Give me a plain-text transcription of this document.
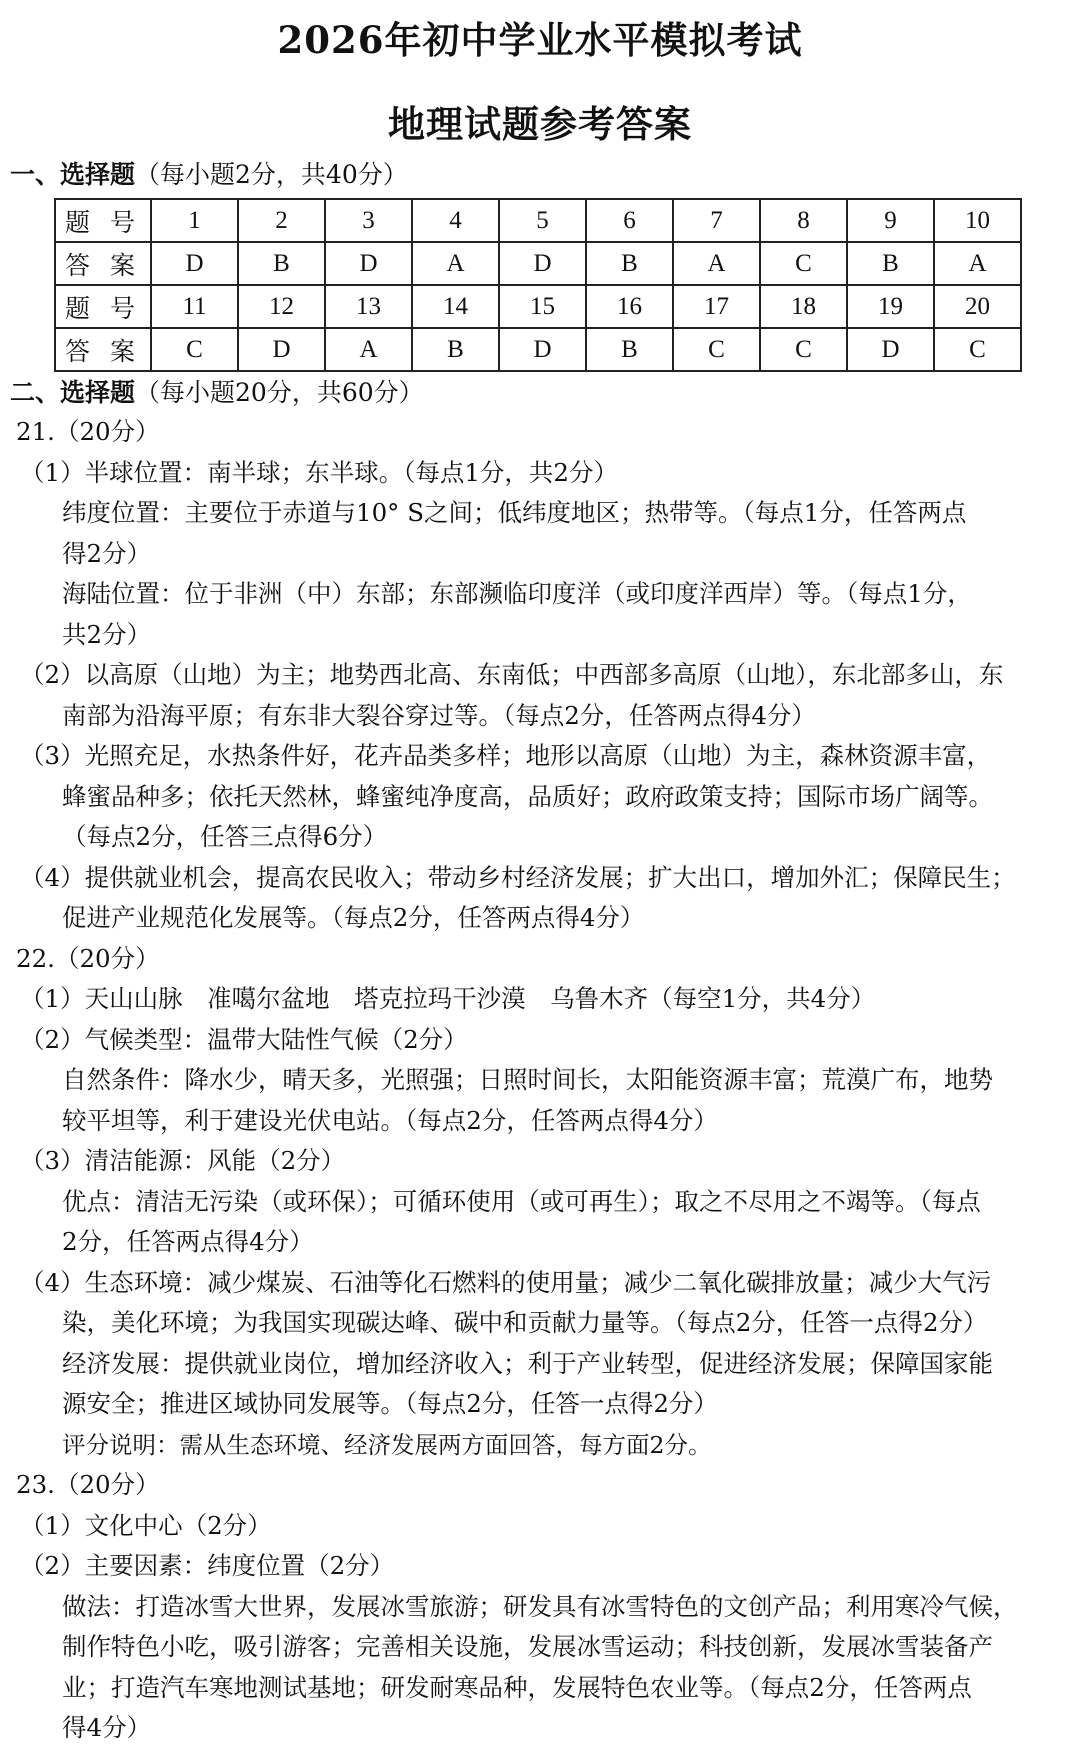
2026年初中学业水平模拟考试
地理试题参考答案
一、选择题（每小题2分，共40分）
题 号	1	2	3	4	5	6	7	8	9	10
答 案	D	B	D	A	D	B	A	C	B	A
题 号	11	12	13	14	15	16	17	18	19	20
答 案	C	D	A	B	D	B	C	C	D	C
二、选择题（每小题20分，共60分）
21.（20分）
（1）半球位置：南半球；东半球。（每点1分，共2分）
纬度位置：主要位于赤道与10° S之间；低纬度地区；热带等。（每点1分，任答两点
得2分）
海陆位置：位于非洲（中）东部；东部濒临印度洋（或印度洋西岸）等。（每点1分，
共2分）
（2）以高原（山地）为主；地势西北高、东南低；中西部多高原（山地），东北部多山，东
南部为沿海平原；有东非大裂谷穿过等。（每点2分，任答两点得4分）
（3）光照充足，水热条件好，花卉品类多样；地形以高原（山地）为主，森林资源丰富，
蜂蜜品种多；依托天然林，蜂蜜纯净度高，品质好；政府政策支持；国际市场广阔等。
（每点2分，任答三点得6分）
（4）提供就业机会，提高农民收入；带动乡村经济发展；扩大出口，增加外汇；保障民生；
促进产业规范化发展等。（每点2分，任答两点得4分）
22.（20分）
（1）天山山脉　准噶尔盆地　塔克拉玛干沙漠　乌鲁木齐（每空1分，共4分）
（2）气候类型：温带大陆性气候（2分）
自然条件：降水少，晴天多，光照强；日照时间长，太阳能资源丰富；荒漠广布，地势
较平坦等，利于建设光伏电站。（每点2分，任答两点得4分）
（3）清洁能源：风能（2分）
优点：清洁无污染（或环保）；可循环使用（或可再生）；取之不尽用之不竭等。（每点
2分，任答两点得4分）
（4）生态环境：减少煤炭、石油等化石燃料的使用量；减少二氧化碳排放量；减少大气污
染，美化环境；为我国实现碳达峰、碳中和贡献力量等。（每点2分，任答一点得2分）
经济发展：提供就业岗位，增加经济收入；利于产业转型，促进经济发展；保障国家能
源安全；推进区域协同发展等。（每点2分，任答一点得2分）
评分说明：需从生态环境、经济发展两方面回答，每方面2分。
23.（20分）
（1）文化中心（2分）
（2）主要因素：纬度位置（2分）
做法：打造冰雪大世界，发展冰雪旅游；研发具有冰雪特色的文创产品；利用寒冷气候，
制作特色小吃，吸引游客；完善相关设施，发展冰雪运动；科技创新，发展冰雪装备产
业；打造汽车寒地测试基地；研发耐寒品种，发展特色农业等。（每点2分，任答两点
得4分）
